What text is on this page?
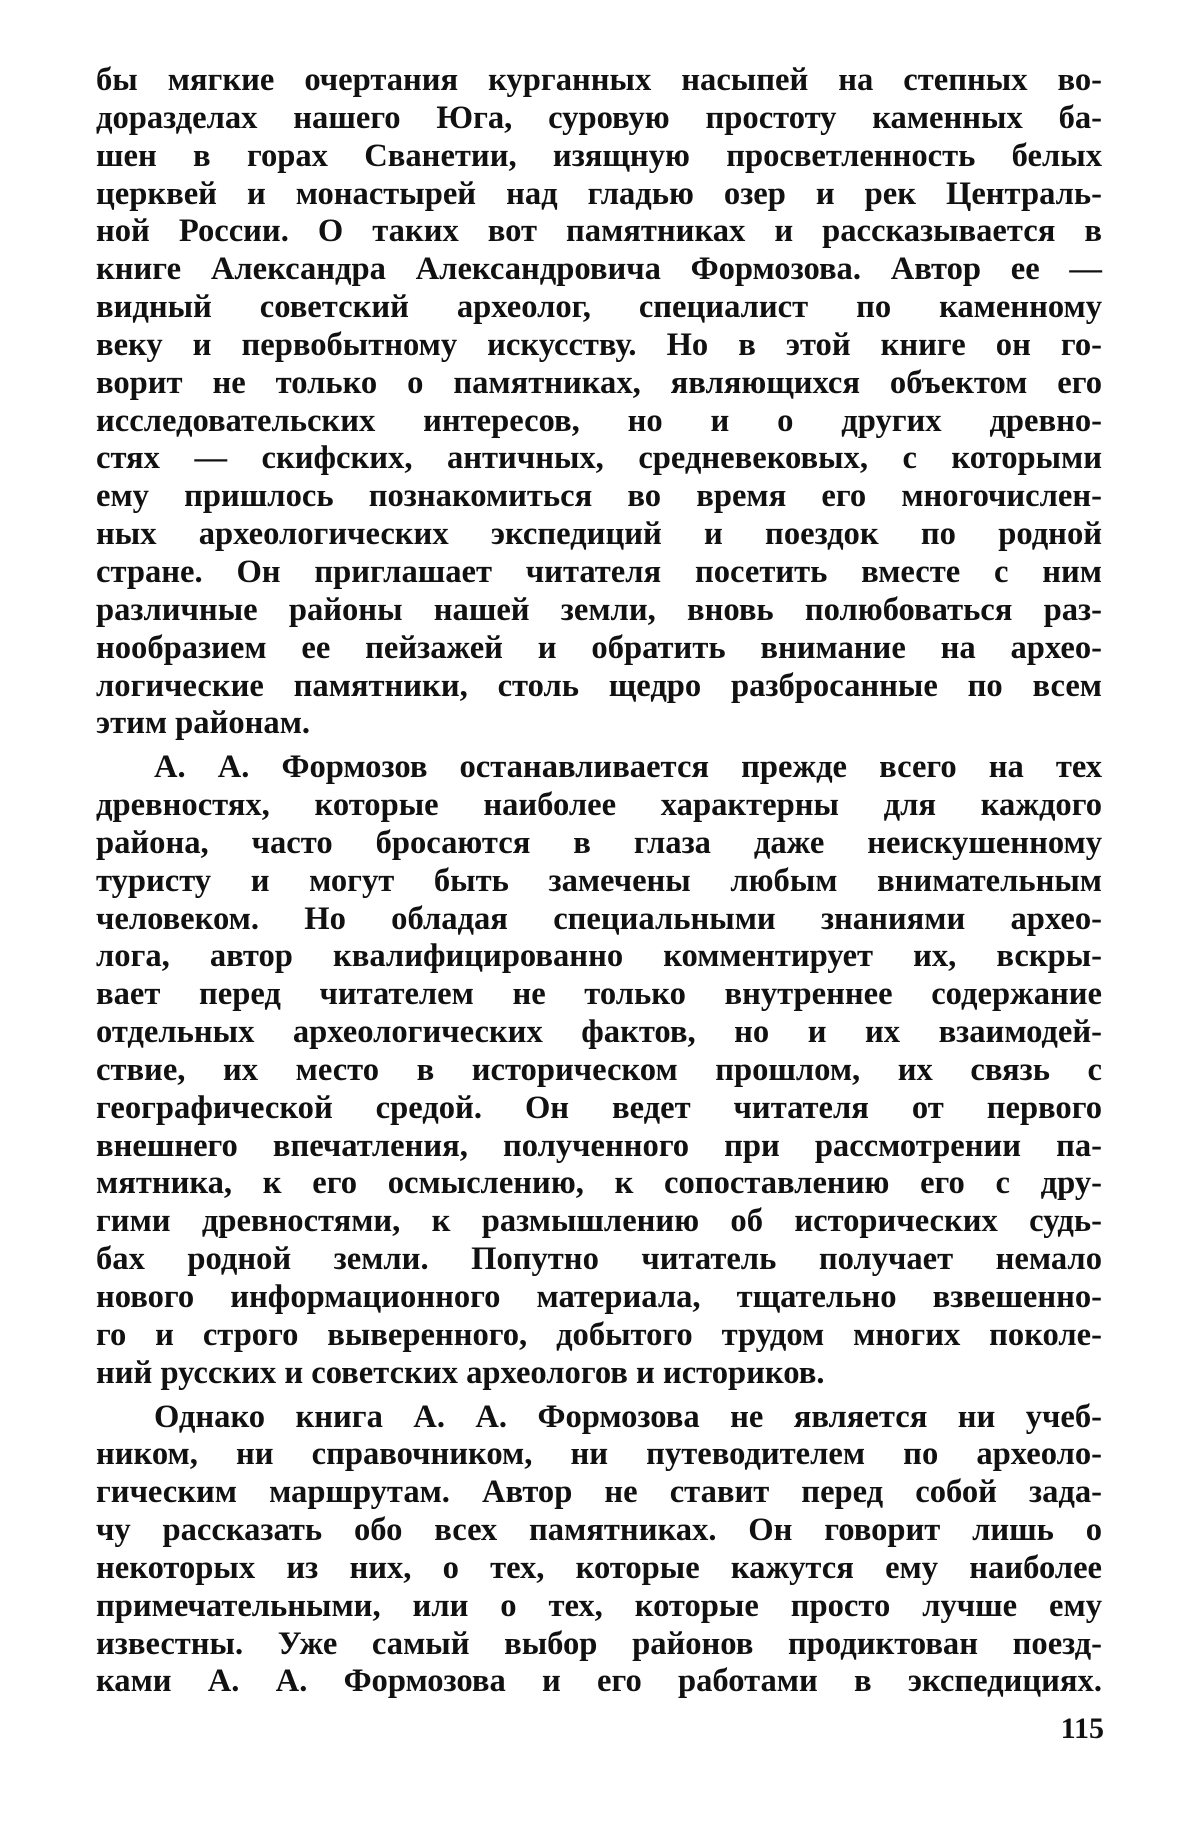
бы мягкие очертания курганных насыпей на степных во-
доразделах нашего Юга, суровую простоту каменных ба-
шен в горах Сванетии, изящную просветленность белых
церквей и монастырей над гладью озер и рек Централь-
ной России. О таких вот памятниках и рассказывается в
книге Александра Александровича Формозова. Автор ее —
видный советский археолог, специалист по каменному
веку и первобытному искусству. Но в этой книге он го-
ворит не только о памятниках, являющихся объектом его
исследовательских интересов, но и о других древно-
стях — скифских, античных, средневековых, с которыми
ему пришлось познакомиться во время его многочислен-
ных археологических экспедиций и поездок по родной
стране. Он приглашает читателя посетить вместе с ним
различные районы нашей земли, вновь полюбоваться раз-
нообразием ее пейзажей и обратить внимание на архео-
логические памятники, столь щедро разбросанные по всем
этим районам.
А. А. Формозов останавливается прежде всего на тех
древностях, которые наиболее характерны для каждого
района, часто бросаются в глаза даже неискушенному
туристу и могут быть замечены любым внимательным
человеком. Но обладая специальными знаниями архео-
лога, автор квалифицированно комментирует их, вскры-
вает перед читателем не только внутреннее содержание
отдельных археологических фактов, но и их взаимодей-
ствие, их место в историческом прошлом, их связь с
географической средой. Он ведет читателя от первого
внешнего впечатления, полученного при рассмотрении па-
мятника, к его осмыслению, к сопоставлению его с дру-
гими древностями, к размышлению об исторических судь-
бах родной земли. Попутно читатель получает немало
нового информационного материала, тщательно взвешенно-
го и строго выверенного, добытого трудом многих поколе-
ний русских и советских археологов и историков.
Однако книга А. А. Формозова не является ни учеб-
ником, ни справочником, ни путеводителем по археоло-
гическим маршрутам. Автор не ставит перед собой зада-
чу рассказать обо всех памятниках. Он говорит лишь о
некоторых из них, о тех, которые кажутся ему наиболее
примечательными, или о тех, которые просто лучше ему
известны. Уже самый выбор районов продиктован поезд-
ками А. А. Формозова и его работами в экспедициях.
115
